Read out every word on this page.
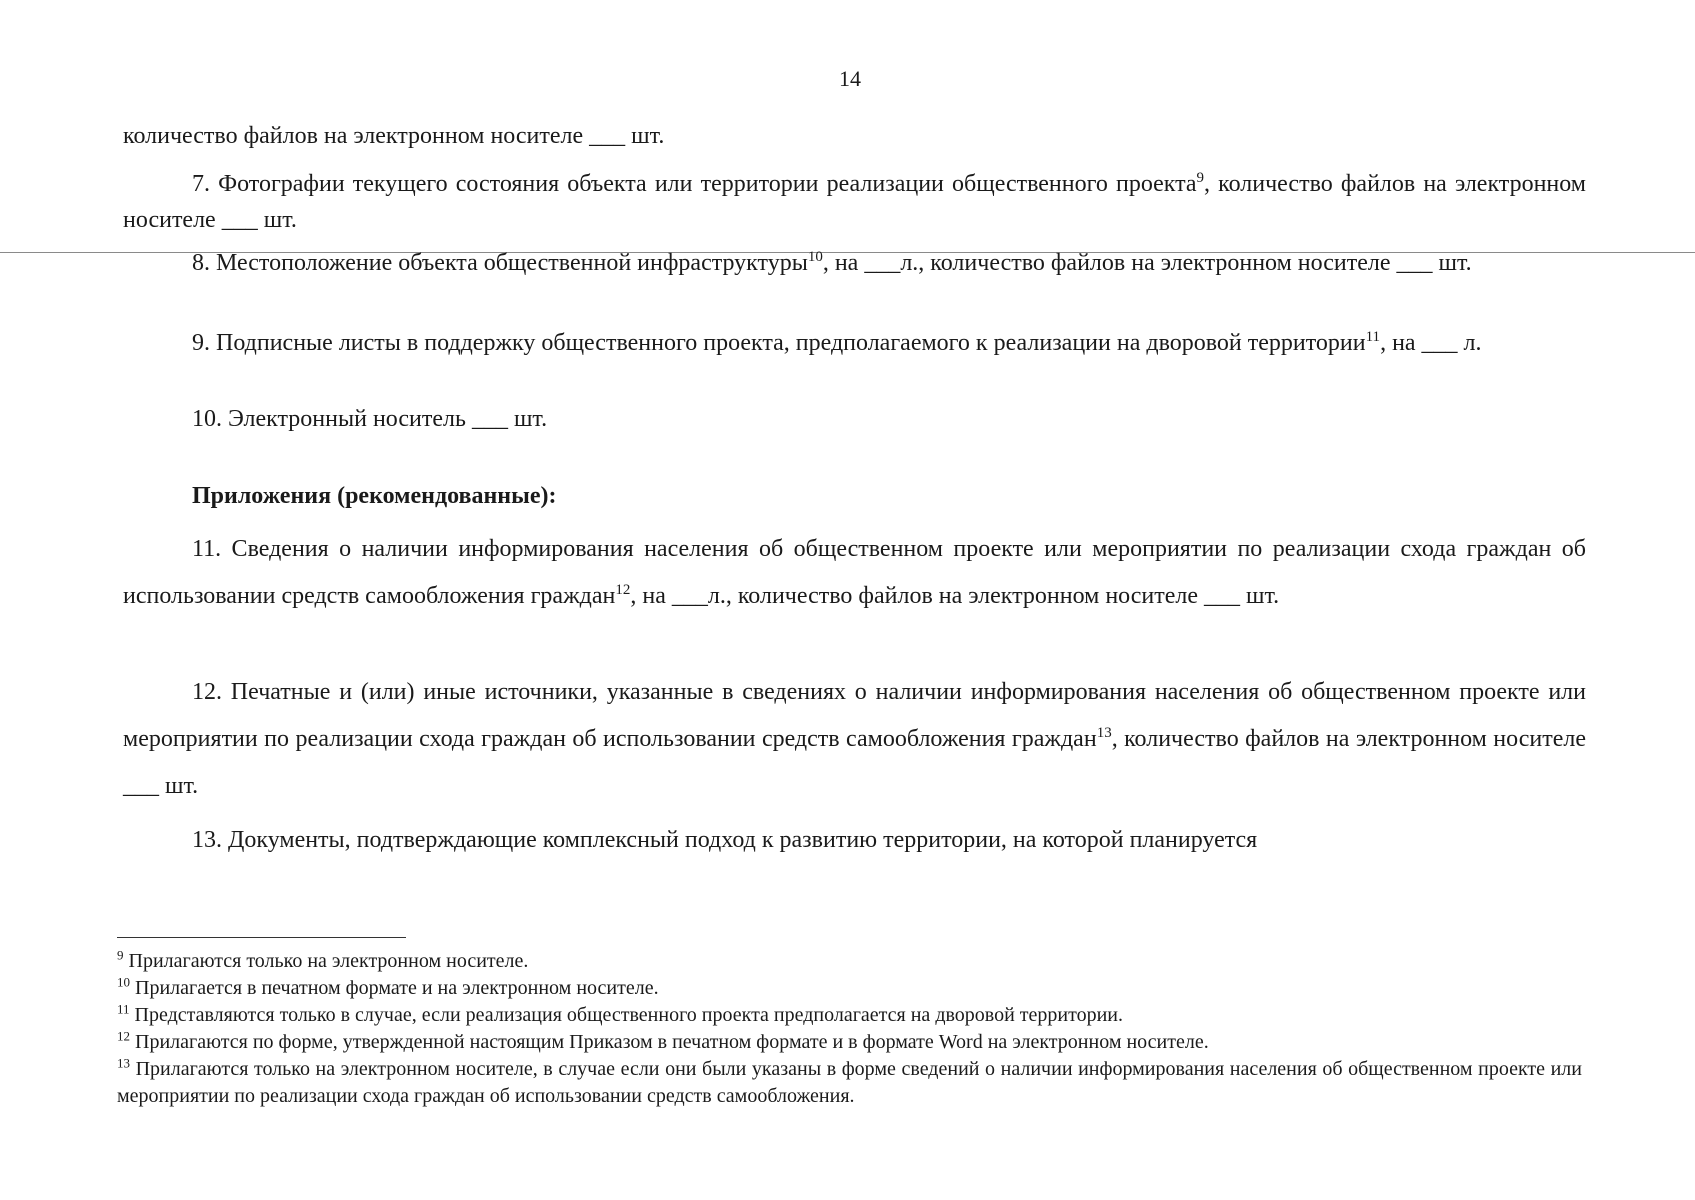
14

количество файлов на электронном носителе ___ шт.

7. Фотографии текущего состояния объекта или территории реализации общественного проекта$^9$, количество файлов на электронном носителе ___ шт.

8. Местоположение объекта общественной инфраструктуры$^{10}$, на ___л., количество файлов на электронном носителе ___ шт.

9. Подписные листы в поддержку общественного проекта, предполагаемого к реализации на дворовой территории$^{11}$, на ___ л.

10. Электронный носитель ___ шт.

Приложения (рекомендованные):

11. Сведения о наличии информирования населения об общественном проекте или мероприятии по реализации схода граждан об использовании средств самообложения граждан$^{12}$, на ___л., количество файлов на электронном носителе ___ шт.

12. Печатные и (или) иные источники, указанные в сведениях о наличии информирования населения об общественном проекте или мероприятии по реализации схода граждан об использовании средств самообложения граждан$^{13}$, количество файлов на электронном носителе ___ шт.

13. Документы, подтверждающие комплексный подход к развитию территории, на которой планируется

$^9$ Прилагаются только на электронном носителе.

$^{10}$ Прилагается в печатном формате и на электронном носителе.

$^{11}$ Представляются только в случае, если реализация общественного проекта предполагается на дворовой территории.

$^{12}$ Прилагаются по форме, утвержденной настоящим Приказом в печатном формате и в формате Word на электронном носителе.

$^{13}$ Прилагаются только на электронном носителе, в случае если они были указаны в форме сведений о наличии информирования населения об общественном проекте или мероприятии по реализации схода граждан об использовании средств самообложения.
